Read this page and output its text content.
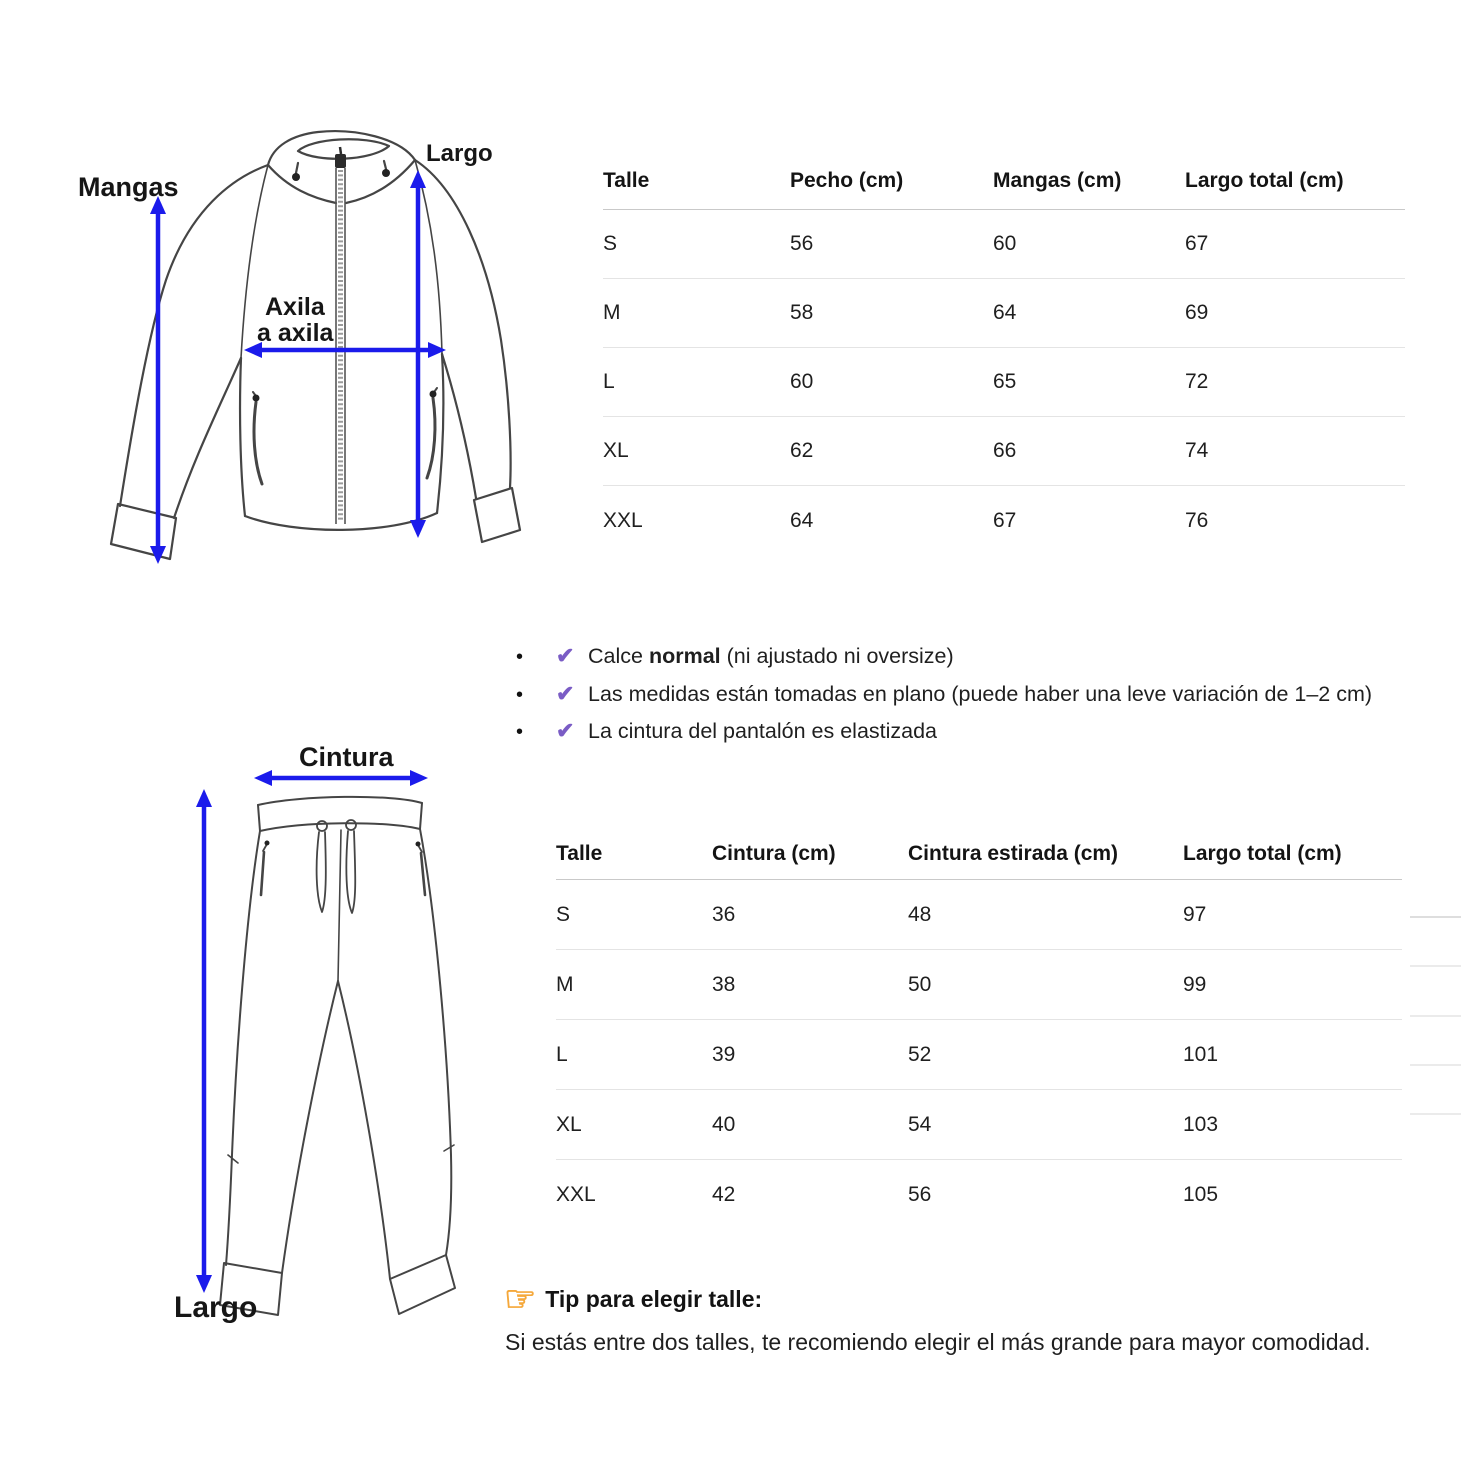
Mangas
Largo
Axila
a axila
Talle	Pecho (cm)	Mangas (cm)	Largo total (cm)
S	56	60	67
M	58	64	69
L	60	65	72
XL	62	66	74
XXL	64	67	76
•	✔ Calce normal (ni ajustado ni oversize)
•	✔ Las medidas están tomadas en plano (puede haber una leve variación de 1–2 cm)
•	✔ La cintura del pantalón es elastizada
Cintura
Largo
Talle	Cintura (cm)	Cintura estirada (cm)	Largo total (cm)
S	36	48	97
M	38	50	99
L	39	52	101
XL	40	54	103
XXL	42	56	105
☞ Tip para elegir talle:
Si estás entre dos talles, te recomiendo elegir el más grande para mayor comodidad.
